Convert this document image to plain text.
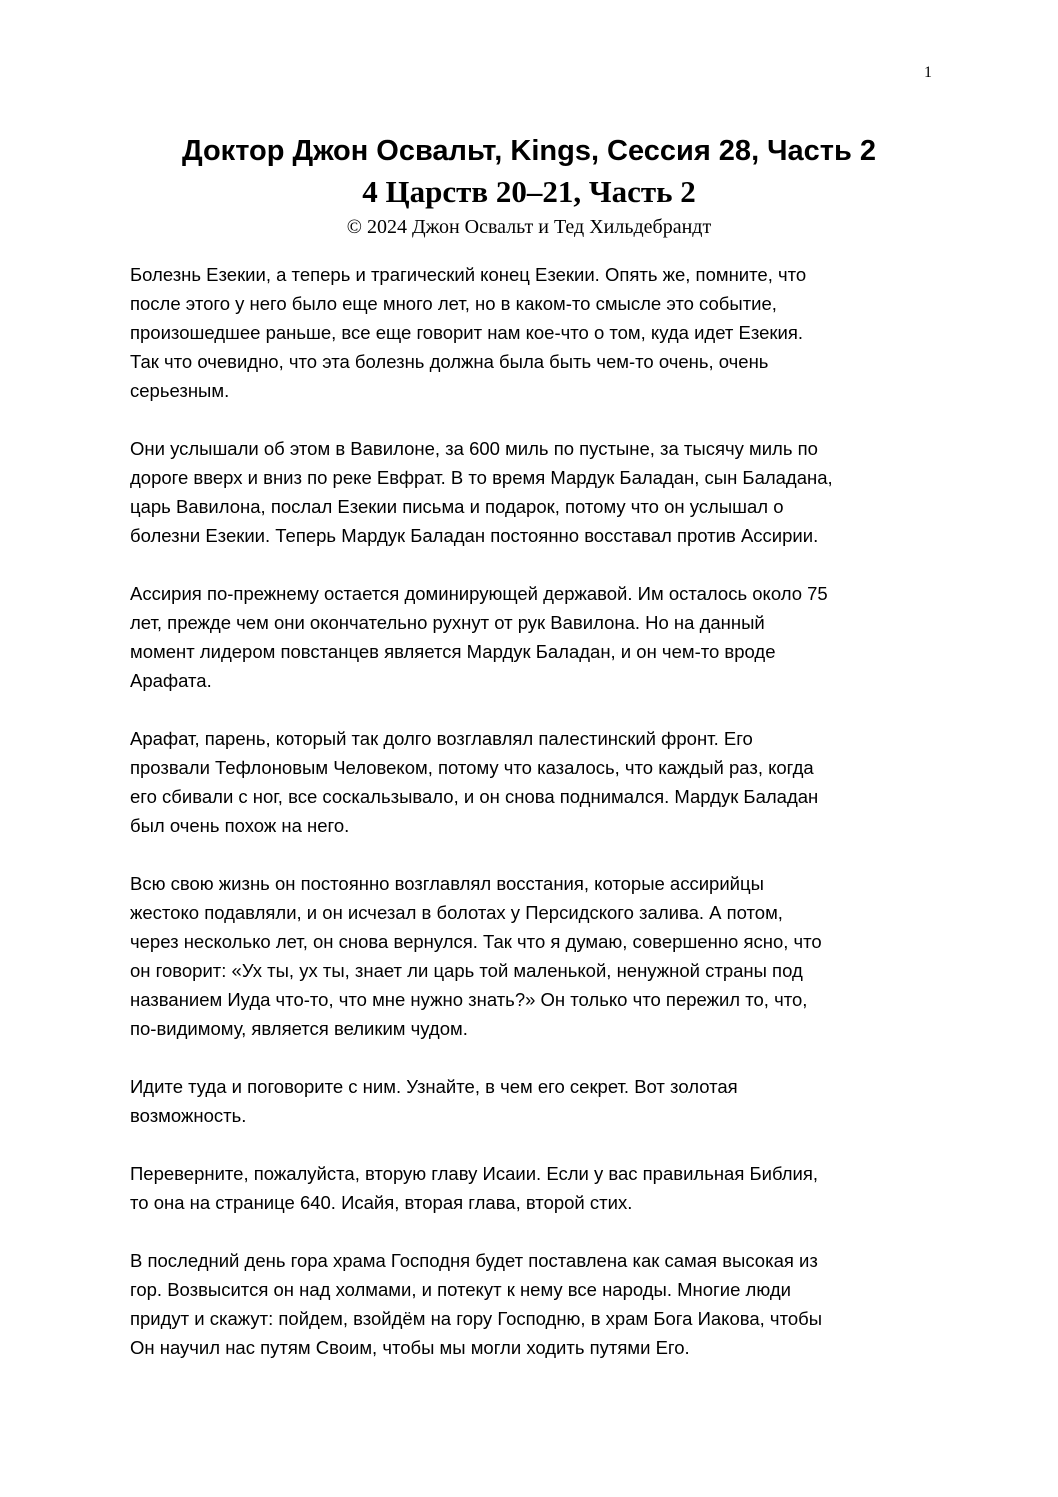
1
Доктор Джон Освальт, Kings, Сессия 28, Часть 2
4 Царств 20–21, Часть 2
© 2024 Джон Освальт и Тед Хильдебрандт

Болезнь Езекии, а теперь и трагический конец Езекии. Опять же, помните, что
после этого у него было еще много лет, но в каком-то смысле это событие,
произошедшее раньше, все еще говорит нам кое-что о том, куда идет Езекия.
Так что очевидно, что эта болезнь должна была быть чем-то очень, очень
серьезным.

Они услышали об этом в Вавилоне, за 600 миль по пустыне, за тысячу миль по
дороге вверх и вниз по реке Евфрат. В то время Мардук Баладан, сын Баладана,
царь Вавилона, послал Езекии письма и подарок, потому что он услышал о
болезни Езекии. Теперь Мардук Баладан постоянно восставал против Ассирии.

Ассирия по-прежнему остается доминирующей державой. Им осталось около 75
лет, прежде чем они окончательно рухнут от рук Вавилона. Но на данный
момент лидером повстанцев является Мардук Баладан, и он чем-то вроде
Арафата.

Арафат, парень, который так долго возглавлял палестинский фронт. Его
прозвали Тефлоновым Человеком, потому что казалось, что каждый раз, когда
его сбивали с ног, все соскальзывало, и он снова поднимался. Мардук Баладан
был очень похож на него.

Всю свою жизнь он постоянно возглавлял восстания, которые ассирийцы
жестоко подавляли, и он исчезал в болотах у Персидского залива. А потом,
через несколько лет, он снова вернулся. Так что я думаю, совершенно ясно, что
он говорит: «Ух ты, ух ты, знает ли царь той маленькой, ненужной страны под
названием Иуда что-то, что мне нужно знать?» Он только что пережил то, что,
по-видимому, является великим чудом.

Идите туда и поговорите с ним. Узнайте, в чем его секрет. Вот золотая
возможность.

Переверните, пожалуйста, вторую главу Исаии. Если у вас правильная Библия,
то она на странице 640. Исайя, вторая глава, второй стих.

В последний день гора храма Господня будет поставлена как самая высокая из
гор. Возвысится он над холмами, и потекут к нему все народы. Многие люди
придут и скажут: пойдем, взойдём на гору Господню, в храм Бога Иакова, чтобы
Он научил нас путям Своим, чтобы мы могли ходить путями Его.
